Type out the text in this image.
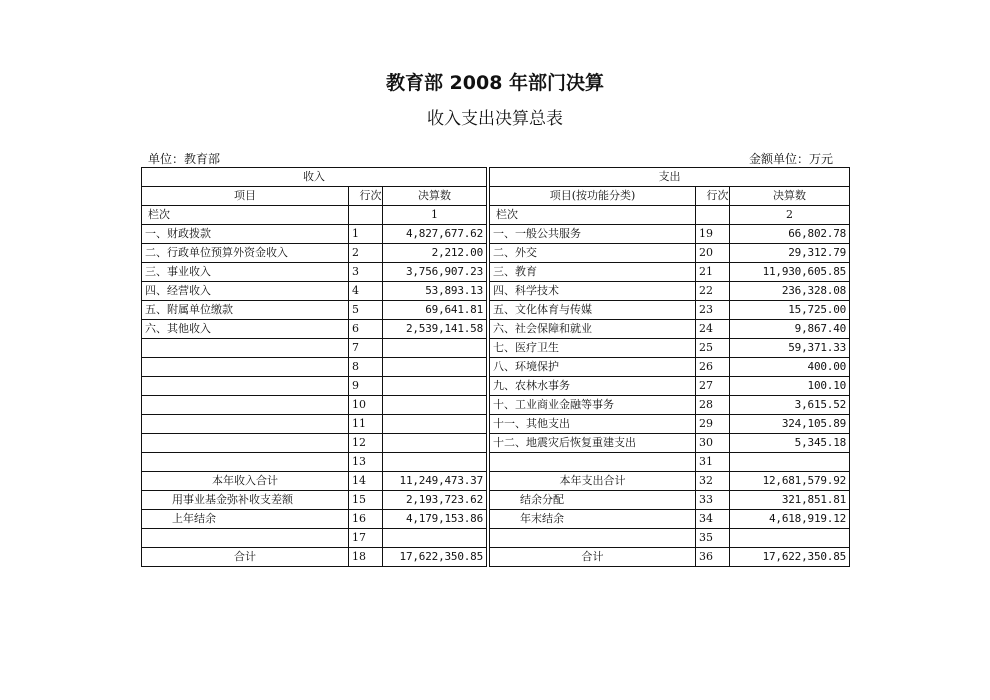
教育部 2008 年部门决算
收入支出决算总表
单位：教育部	金额单位：万元
收入				支出		
项目	行次	决算数		项目(按功能分类)	行次	决算数
栏次		1		栏次		2
一、财政拨款	1	4,827,677.62		一、一般公共服务	19	66,802.78
二、行政单位预算外资金收入	2	2,212.00		二、外交	20	29,312.79
三、事业收入	3	3,756,907.23		三、教育	21	11,930,605.85
四、经营收入	4	53,893.13		四、科学技术	22	236,328.08
五、附属单位缴款	5	69,641.81		五、文化体育与传媒	23	15,725.00
六、其他收入	6	2,539,141.58		六、社会保障和就业	24	9,867.40
	7			七、医疗卫生	25	59,371.33
	8			八、环境保护	26	400.00
	9			九、农林水事务	27	100.10
	10			十、工业商业金融等事务	28	3,615.52
	11			十一、其他支出	29	324,105.89
	12			十二、地震灾后恢复重建支出	30	5,345.18
	13				31	
本年收入合计	14	11,249,473.37		本年支出合计	32	12,681,579.92
用事业基金弥补收支差额	15	2,193,723.62		结余分配	33	321,851.81
上年结余	16	4,179,153.86		年末结余	34	4,618,919.12
	17				35	
合计	18	17,622,350.85		合计	36	17,622,350.85
